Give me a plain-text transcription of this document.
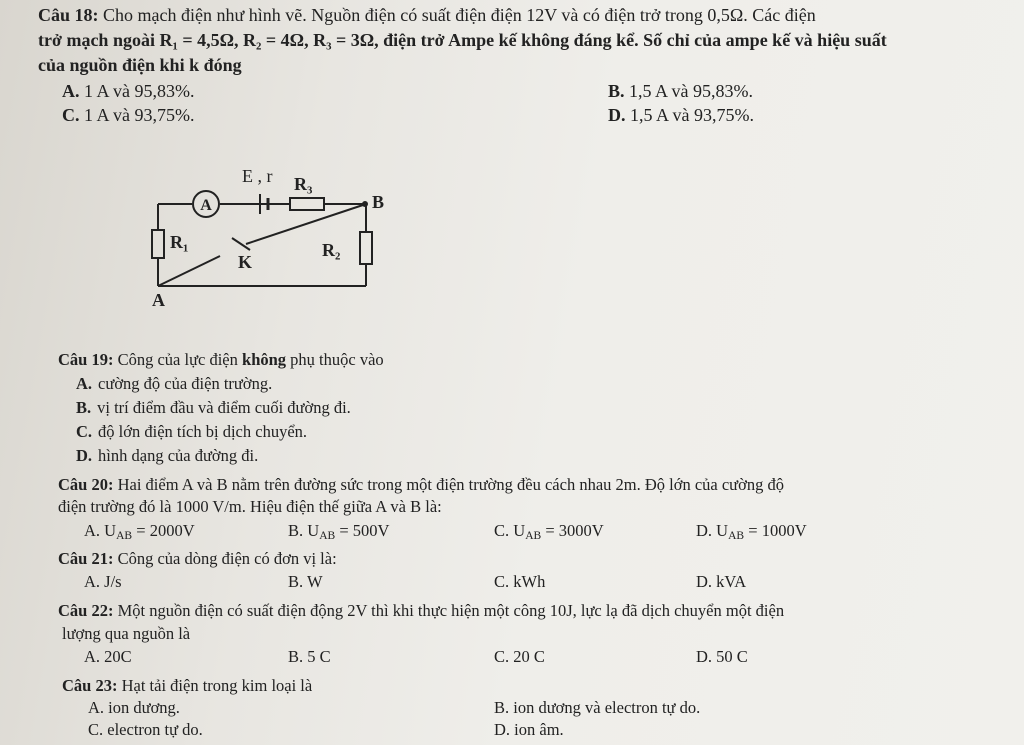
Câu 18: Cho mạch điện như hình vẽ. Nguồn điện có suất điện điện 12V và có điện trở trong 0,5Ω. Các điện
trở mạch ngoài R₁ = 4,5Ω, R₂ = 4Ω, R₃ = 3Ω, điện trở Ampe kế không đáng kể. Số chỉ của ampe kế và hiệu suất
của nguồn điện khi k đóng
A. 1 A và 95,83%.	B. 1,5 A và 95,83%.
C. 1 A và 93,75%.	D. 1,5 A và 93,75%.
A
E , r R₃
B
R₁
K
R₂
A
Câu 19: Công của lực điện không phụ thuộc vào
A. cường độ của điện trường.
B. vị trí điểm đầu và điểm cuối đường đi.
C. độ lớn điện tích bị dịch chuyển.
D. hình dạng của đường đi.
Câu 20: Hai điểm A và B nằm trên đường sức trong một điện trường đều cách nhau 2m. Độ lớn của cường độ
điện trường đó là 1000 V/m. Hiệu điện thế giữa A và B là:
A. $U_{AB} = 2000V$	B. $U_{AB} = 500V$	C. $U_{AB} = 3000V$	D. $U_{AB} = 1000V$
Câu 21: Công của dòng điện có đơn vị là:
A. J/s	B. W	C. kWh	D. kVA
Câu 22: Một nguồn điện có suất điện động 2V thì khi thực hiện một công 10J, lực lạ đã dịch chuyển một điện
lượng qua nguồn là
A. 20C	B. 5 C	C. 20 C	D. 50 C
Câu 23: Hạt tải điện trong kim loại là
A. ion dương.	B. ion dương và electron tự do.
C. electron tự do.	D. ion âm.
